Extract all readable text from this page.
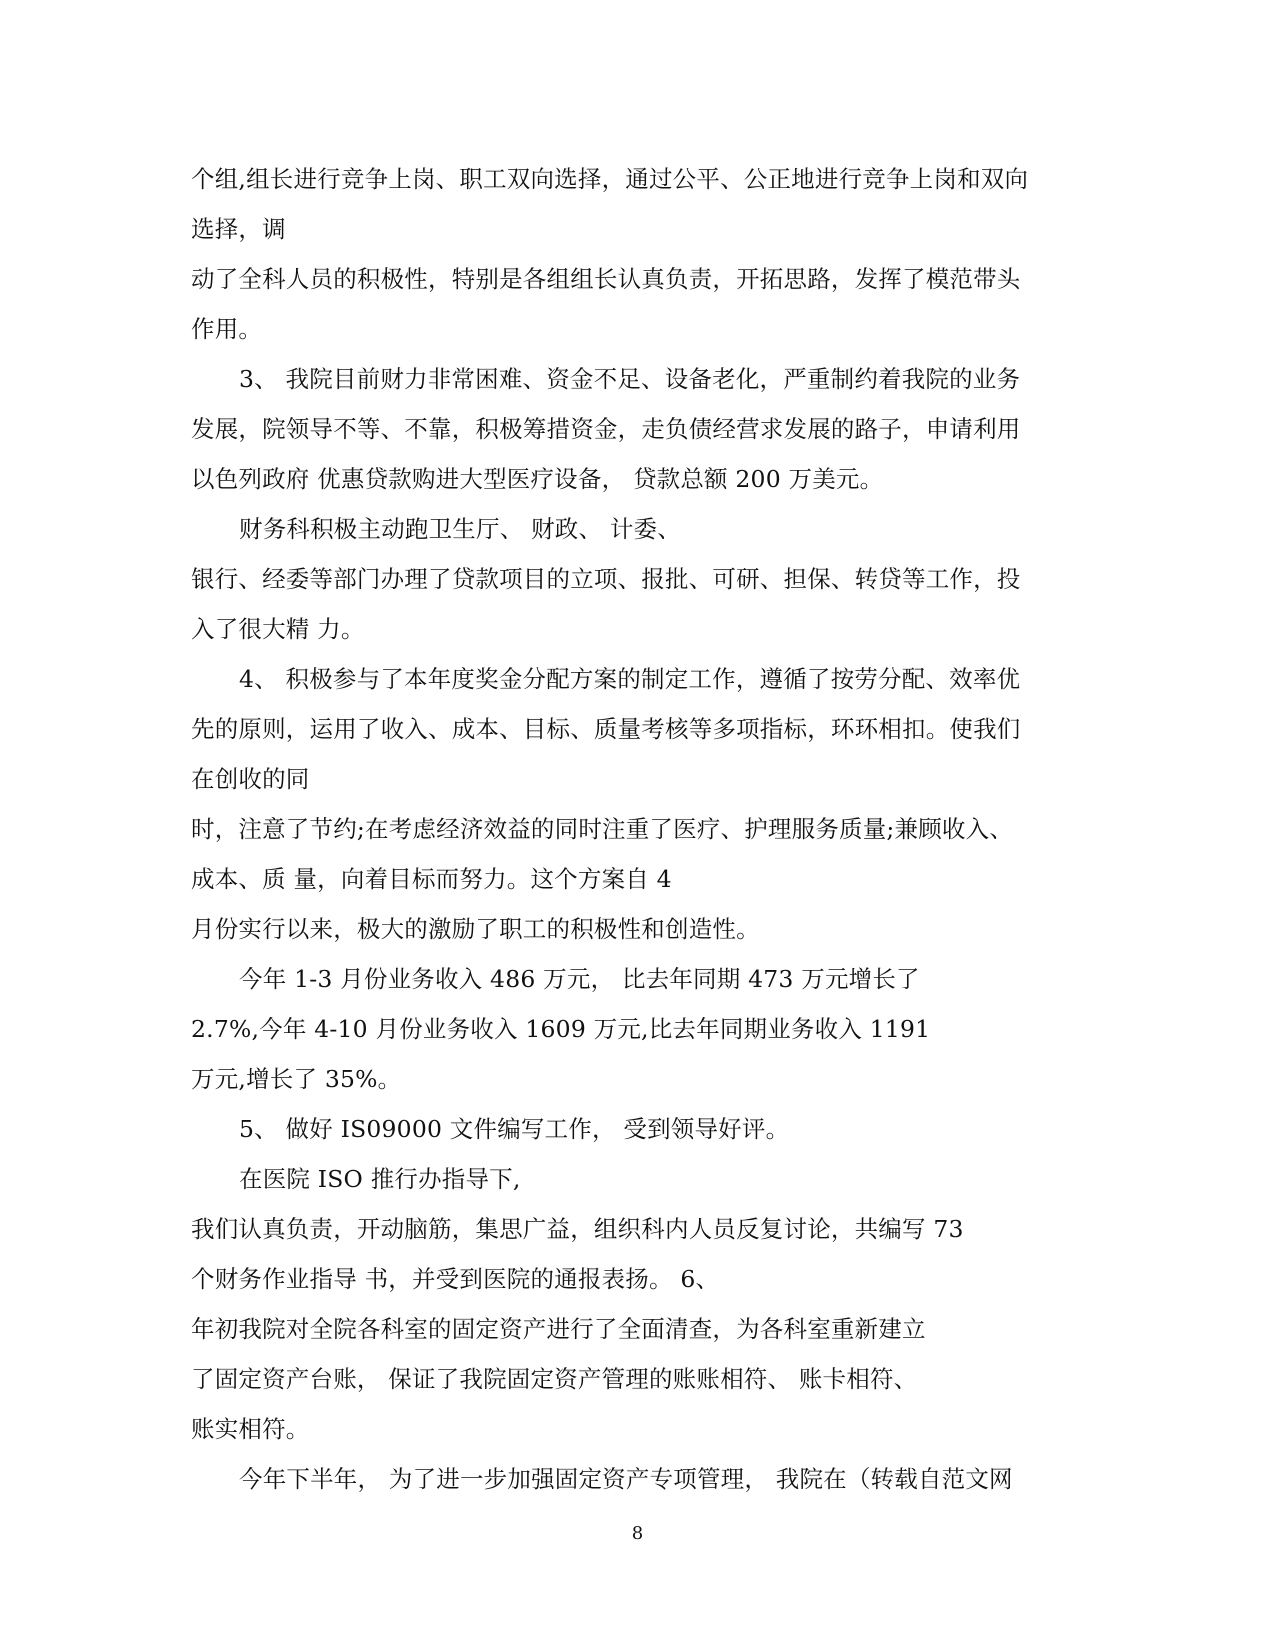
个组,组长进行竞争上岗、职工双向选择，通过公平、公正地进行竞争上岗和双向
选择，调
动了全科人员的积极性，特别是各组组长认真负责，开拓思路，发挥了模范带头
作用。
3、 我院目前财力非常困难、资金不足、设备老化，严重制约着我院的业务
发展，院领导不等、不靠，积极筹措资金，走负债经营求发展的路子，申请利用
以色列政府 优惠贷款购进大型医疗设备， 贷款总额 200 万美元。
财务科积极主动跑卫生厅、 财政、 计委、
银行、经委等部门办理了贷款项目的立项、报批、可研、担保、转贷等工作，投
入了很大精 力。
4、 积极参与了本年度奖金分配方案的制定工作，遵循了按劳分配、效率优
先的原则，运用了收入、成本、目标、质量考核等多项指标，环环相扣。使我们
在创收的同
时，注意了节约;在考虑经济效益的同时注重了医疗、护理服务质量;兼顾收入、
成本、质 量，向着目标而努力。这个方案自 4
月份实行以来，极大的激励了职工的积极性和创造性。
今年 1-3 月份业务收入 486 万元， 比去年同期 473 万元增长了
2.7%,今年 4-10 月份业务收入 1609 万元,比去年同期业务收入 1191
万元,增长了 35%。
5、 做好 IS09000 文件编写工作， 受到领导好评。
在医院 ISO 推行办指导下,
我们认真负责，开动脑筋，集思广益，组织科内人员反复讨论，共编写 73
个财务作业指导 书，并受到医院的通报表扬。 6、
年初我院对全院各科室的固定资产进行了全面清查，为各科室重新建立
了固定资产台账， 保证了我院固定资产管理的账账相符、 账卡相符、
账实相符。
今年下半年， 为了进一步加强固定资产专项管理， 我院在（转载自范文网
8
